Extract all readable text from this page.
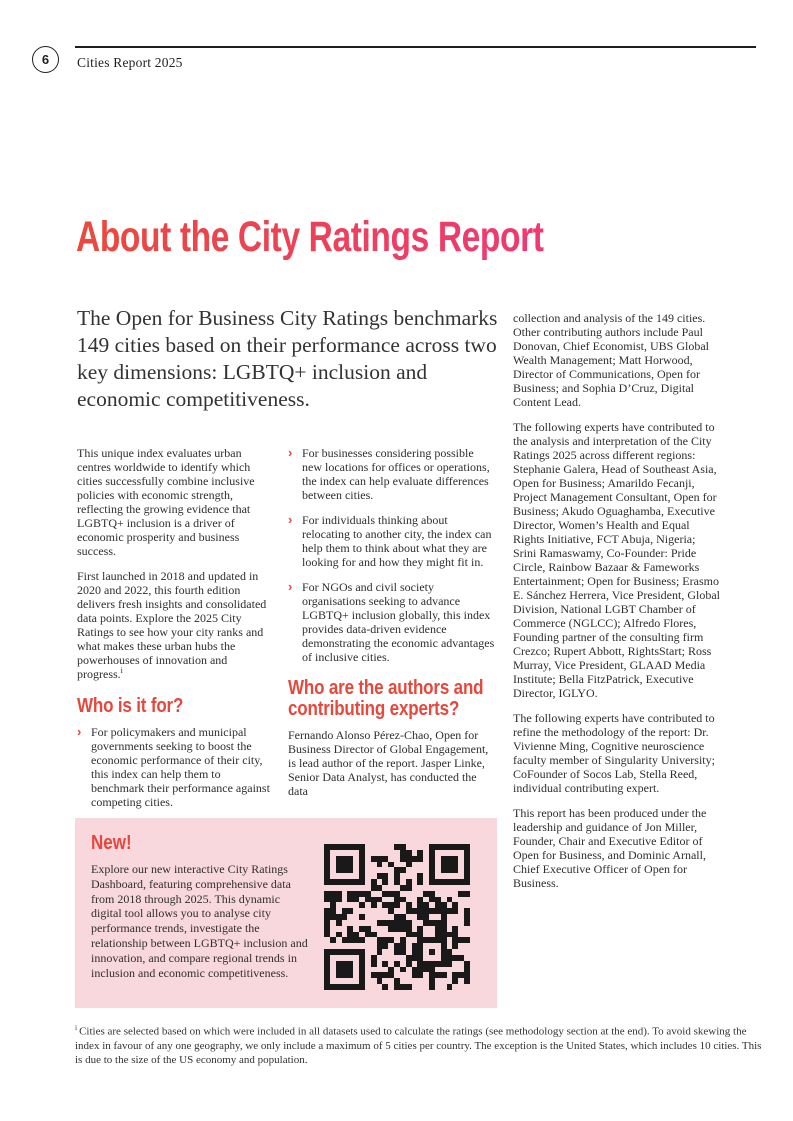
6 Cities Report 2025
About the City Ratings Report
The Open for Business City Ratings benchmarks 149 cities based on their performance across two key dimensions: LGBTQ+ inclusion and economic competitiveness.

This unique index evaluates urban centres worldwide to identify which cities successfully combine inclusive policies with economic strength, reflecting the growing evidence that LGBTQ+ inclusion is a driver of economic prosperity and business success.

First launched in 2018 and updated in 2020 and 2022, this fourth edition delivers fresh insights and consolidated data points. Explore the 2025 City Ratings to see how your city ranks and what makes these urban hubs the powerhouses of innovation and progress.$^i$

Who is it for?
› For policymakers and municipal governments seeking to boost the economic performance of their city, this index can help them to benchmark their performance against competing cities.
› For businesses considering possible new locations for offices or operations, the index can help evaluate differences between cities.
› For individuals thinking about relocating to another city, the index can help them to think about what they are looking for and how they might fit in.
› For NGOs and civil society organisations seeking to advance LGBTQ+ inclusion globally, this index provides data-driven evidence demonstrating the economic advantages of inclusive cities.
Who are the authors and contributing experts?

Fernando Alonso Pérez-Chao, Open for Business Director of Global Engagement, is lead author of the report. Jasper Linke, Senior Data Analyst, has conducted the data

collection and analysis of the 149 cities. Other contributing authors include Paul Donovan, Chief Economist, UBS Global Wealth Management; Matt Horwood, Director of Communications, Open for Business; and Sophia D’Cruz, Digital Content Lead.

The following experts have contributed to the analysis and interpretation of the City Ratings 2025 across different regions: Stephanie Galera, Head of Southeast Asia, Open for Business; Amarildo Fecanji, Project Management Consultant, Open for Business; Akudo Oguaghamba, Executive Director, Women’s Health and Equal Rights Initiative, FCT Abuja, Nigeria; Srini Ramaswamy, Co-Founder: Pride Circle, Rainbow Bazaar & Fameworks Entertainment; Open for Business; Erasmo E. Sánchez Herrera, Vice President, Global Division, National LGBT Chamber of Commerce (NGLCC); Alfredo Flores, Founding partner of the consulting firm Crezco; Rupert Abbott, RightsStart; Ross Murray, Vice President, GLAAD Media Institute; Bella FitzPatrick, Executive Director, IGLYO.

The following experts have contributed to refine the methodology of the report: Dr. Vivienne Ming, Cognitive neuroscience faculty member of Singularity University; CoFounder of Socos Lab, Stella Reed, individual contributing expert.

This report has been produced under the leadership and guidance of Jon Miller, Founder, Chair and Executive Editor of Open for Business, and Dominic Arnall, Chief Executive Officer of Open for Business.

New!
Explore our new interactive City Ratings Dashboard, featuring comprehensive data from 2018 through 2025. This dynamic digital tool allows you to analyse city performance trends, investigate the relationship between LGBTQ+ inclusion and innovation, and compare regional trends in inclusion and economic competitiveness.
$^i$ Cities are selected based on which were included in all datasets used to calculate the ratings (see methodology section at the end). To avoid skewing the index in favour of any one geography, we only include a maximum of 5 cities per country. The exception is the United States, which includes 10 cities. This is due to the size of the US economy and population.
